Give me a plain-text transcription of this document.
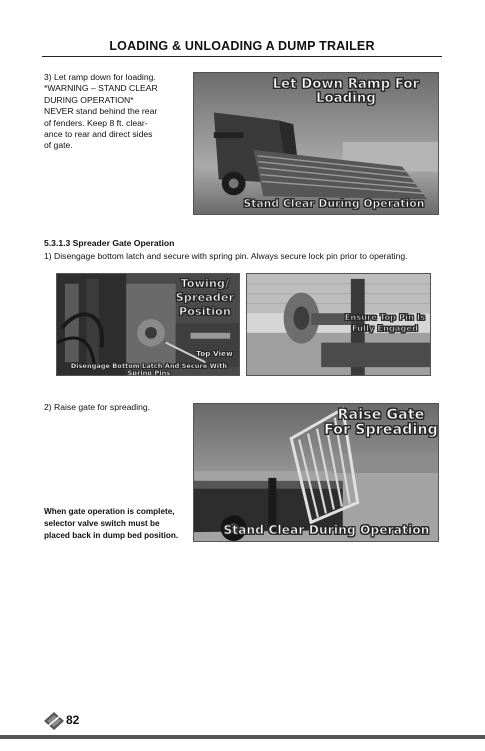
LOADING & UNLOADING A DUMP TRAILER
3) Let ramp down for loading.
*WARNING – STAND CLEAR
DURING OPERATION*
NEVER stand behind the rear
of fenders. Keep 8 ft. clear-
ance to rear and direct sides
of gate.
Let Down Ramp For Loading
Stand Clear During Operation
5.3.1.3 Spreader Gate Operation
1) Disengage bottom latch and secure with spring pin. Always secure lock pin prior to operating.
Towing/
Spreader
Position
Top View
Disengage Bottom Latch And Secure With Spring Pins
Ensure Top Pin Is
Fully Engaged
2) Raise gate for spreading.
When gate operation is complete,
selector valve switch must be
placed back in dump bed position.
Raise Gate
For Spreading
Stand Clear During Operation
82
